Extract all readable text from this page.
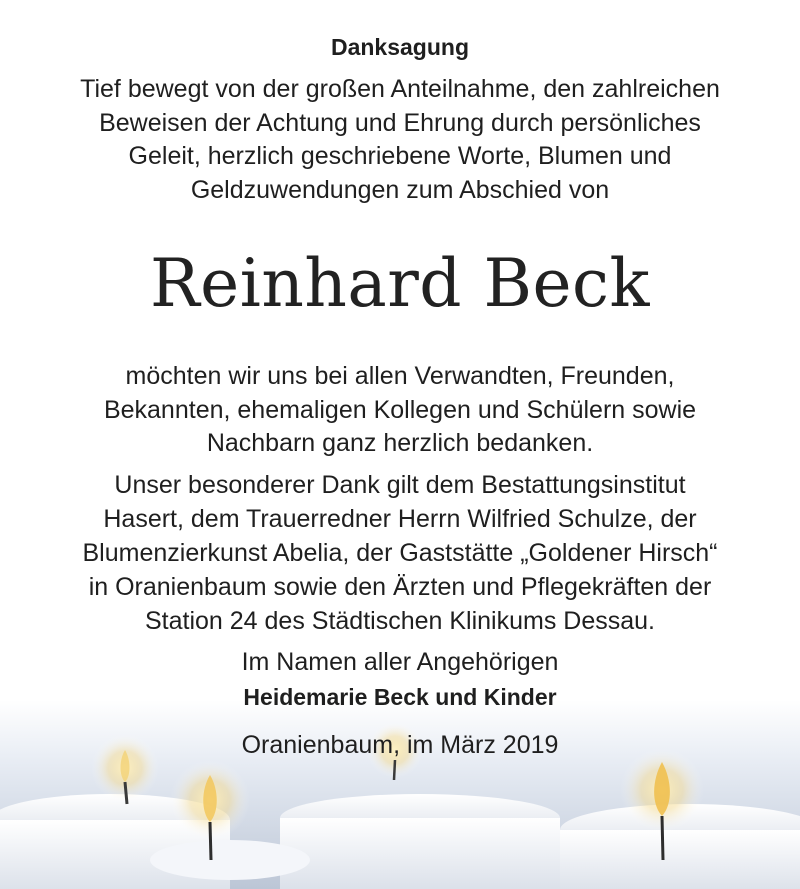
Danksagung
Tief bewegt von der großen Anteilnahme, den zahlreichen
Beweisen der Achtung und Ehrung durch persönliches
Geleit, herzlich geschriebene Worte, Blumen und
Geldzuwendungen zum Abschied von
Reinhard Beck
möchten wir uns bei allen Verwandten, Freunden,
Bekannten, ehemaligen Kollegen und Schülern sowie
Nachbarn ganz herzlich bedanken.
Unser besonderer Dank gilt dem Bestattungsinstitut
Hasert, dem Trauerredner Herrn Wilfried Schulze, der
Blumenzierkunst Abelia, der Gaststätte „Goldener Hirsch“
in Oranienbaum sowie den Ärzten und Pflegekräften der
Station 24 des Städtischen Klinikums Dessau.
Im Namen aller Angehörigen
Heidemarie Beck und Kinder
Oranienbaum, im März 2019
